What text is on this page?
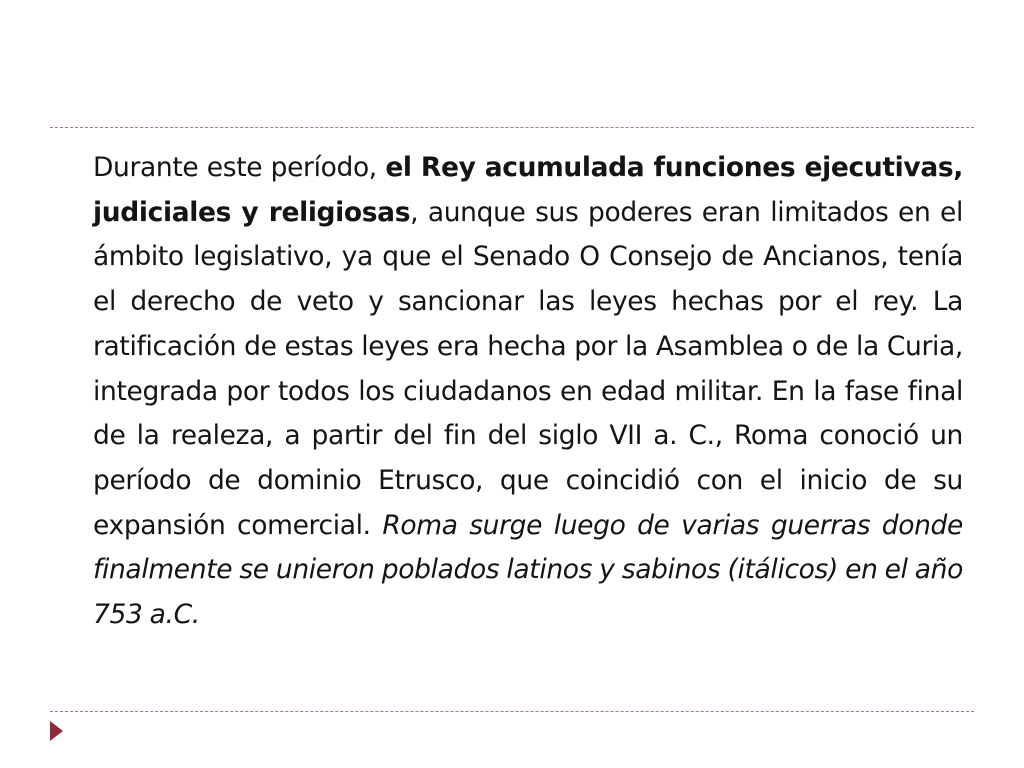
Durante este período, el Rey acumulada funciones ejecutivas, judiciales y religiosas, aunque sus poderes eran limitados en el ámbito legislativo, ya que el Senado O Consejo de Ancianos, tenía el derecho de veto y sancionar las leyes hechas por el rey. La ratificación de estas leyes era hecha por la Asamblea o de la Curia, integrada por todos los ciudadanos en edad militar. En la fase final de la realeza, a partir del fin del siglo VII a. C., Roma conoció un período de dominio Etrusco, que coincidió con el inicio de su expansión comercial. Roma surge luego de varias guerras donde finalmente se unieron poblados latinos y sabinos (itálicos) en el año 753 a.C.
